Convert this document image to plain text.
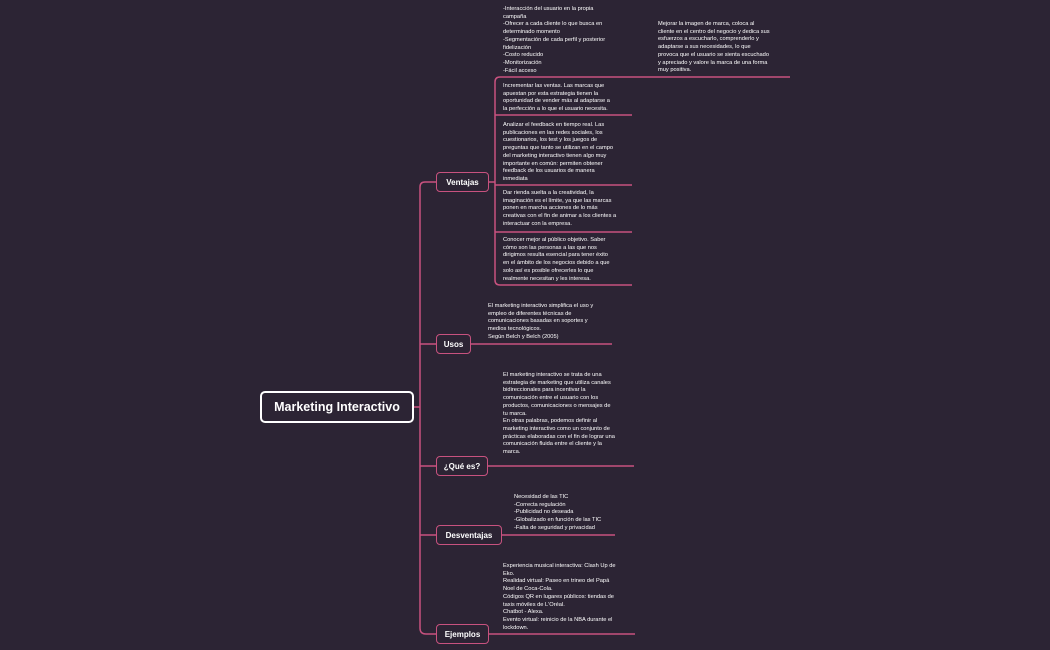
Marketing Interactivo
Ventajas
Usos
¿Qué es?
Desventajas
Ejemplos
-Interacción del usuario en la propia
campaña
-Ofrecer a cada cliente lo que busca en
determinado momento
-Segmentación de cada perfil y posterior
fidelización
-Costo reducido
-Monitorización
-Fácil acceso
Incrementar las ventas. Las marcas que
apuestan por esta estrategia tienen la
oportunidad de vender más al adaptarse a
la perfección a lo que el usuario necesita.
Analizar el feedback en tiempo real. Las
publicaciones en las redes sociales, los
cuestionarios, los test y los juegos de
preguntas que tanto se utilizan en el campo
del marketing interactivo tienen algo muy
importante en común: permiten obtener
feedback de los usuarios de manera
inmediata
Dar rienda suelta a la creatividad, la
imaginación es el límite, ya que las marcas
ponen en marcha acciones de lo más
creativas con el fin de animar a los clientes a
interactuar con la empresa.
Conocer mejor al público objetivo. Saber
cómo son las personas a las que nos
dirigimos resulta esencial para tener éxito
en el ámbito de los negocios debido a que
solo así es posible ofrecerles lo que
realmente necesitan y les interesa.
Mejorar la imagen de marca, coloca al
cliente en el centro del negocio y dedica sus
esfuerzos a escucharlo, comprenderlo y
adaptarse a sus necesidades, lo que
provoca que el usuario se sienta escuchado
y apreciado y valore la marca de una forma
muy positiva.
El marketing interactivo simplifica el uso y
empleo de diferentes técnicas de
comunicaciones basadas en soportes y
medios tecnológicos.
Según Belch y Belch (2005)
El marketing interactivo se trata de una
estrategia de marketing que utiliza canales
bidireccionales para incentivar la
comunicación entre el usuario con los
productos, comunicaciones o mensajes de
tu marca.
En otras palabras, podemos definir al
marketing interactivo como un conjunto de
prácticas elaboradas con el fin de lograr una
comunicación fluida entre el cliente y la
marca.
Necesidad de las TIC
-Correcta regulación
-Publicidad no deseada
-Globalizado en función de las TIC
-Falta de seguridad y privacidad
Experiencia musical interactiva: Clash Up de
Eko.
Realidad virtual: Paseo en trineo del Papá
Noel de Coca-Cola.
Códigos QR en lugares públicos: tiendas de
taxis móviles de L'Oréal.
Chatbot - Alexa.
Evento virtual: reinicio de la NBA durante el
lockdown.
